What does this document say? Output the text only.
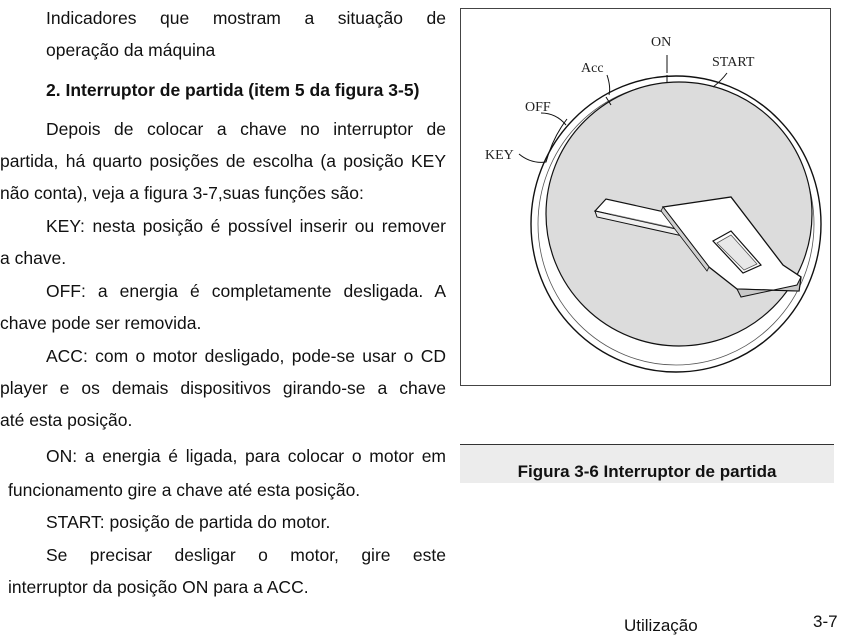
Indicadores que mostram a situação de
operação da máquina
2. Interruptor de partida (item 5 da figura 3-5)
Depois de colocar a chave no interruptor de
partida, há quarto posições de escolha (a posição KEY
não conta), veja a figura 3-7,suas funções são:
KEY: nesta posição é possível inserir ou remover
a chave.
OFF: a energia é completamente desligada. A
chave pode ser removida.
ACC: com o motor desligado, pode-se usar o CD
player e os demais dispositivos girando-se a chave
até esta posição.
ON: a energia é ligada, para colocar o motor em
funcionamento gire a chave até esta posição.
START: posição de partida do motor.
Se precisar desligar o motor, gire este
interruptor da posição ON para a ACC.
KEY
OFF
Acc
ON
START
Figura 3-6 Interruptor de partida
Utilização	3-7
